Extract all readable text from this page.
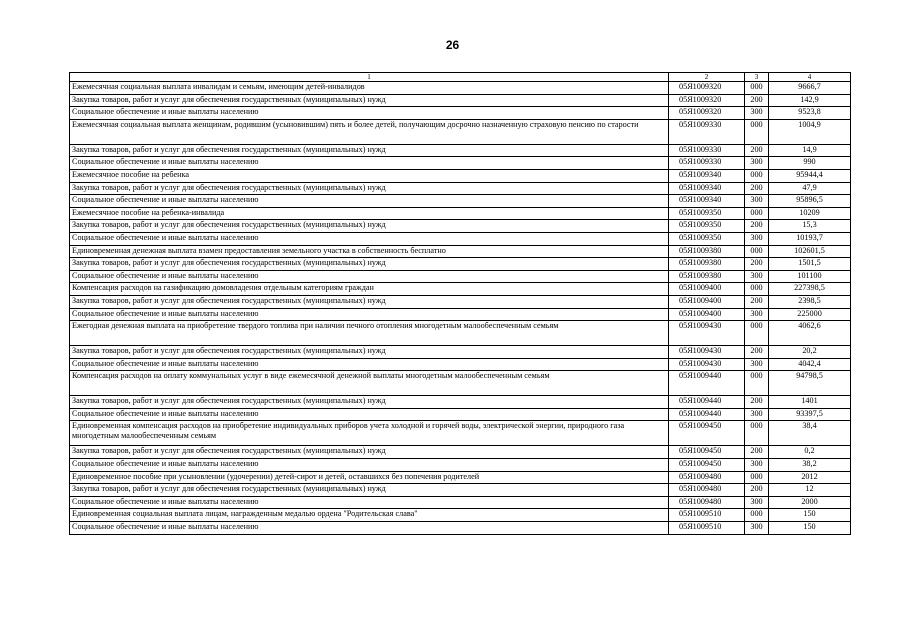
26
1	2	3	4
Ежемесячная социальная выплата инвалидам и семьям, имеющим детей-инвалидов	05Я1009320	000	9666,7
Закупка товаров, работ и услуг для обеспечения государственных (муниципальных) нужд	05Я1009320	200	142,9
Социальное обеспечение и иные выплаты населению	05Я1009320	300	9523,8
Ежемесячная социальная выплата женщинам, родившим (усыновившим) пять и более детей, получающим досрочно назначенную страховую пенсию по старости	05Я1009330	000	1004,9
Закупка товаров, работ и услуг для обеспечения государственных (муниципальных) нужд	05Я1009330	200	14,9
Социальное обеспечение и иные выплаты населению	05Я1009330	300	990
Ежемесячное пособие на ребенка	05Я1009340	000	95944,4
Закупка товаров, работ и услуг для обеспечения государственных (муниципальных) нужд	05Я1009340	200	47,9
Социальное обеспечение и иные выплаты населению	05Я1009340	300	95896,5
Ежемесячное пособие на ребенка-инвалида	05Я1009350	000	10209
Закупка товаров, работ и услуг для обеспечения государственных (муниципальных) нужд	05Я1009350	200	15,3
Социальное обеспечение и иные выплаты населению	05Я1009350	300	10193,7
Единовременная денежная выплата взамен предоставления земельного участка в собственность бесплатно	05Я1009380	000	102601,5
Закупка товаров, работ и услуг для обеспечения государственных (муниципальных) нужд	05Я1009380	200	1501,5
Социальное обеспечение и иные выплаты населению	05Я1009380	300	101100
Компенсация расходов на газификацию домовладения отдельным категориям граждан	05Я1009400	000	227398,5
Закупка товаров, работ и услуг для обеспечения государственных (муниципальных) нужд	05Я1009400	200	2398,5
Социальное обеспечение и иные выплаты населению	05Я1009400	300	225000
Ежегодная денежная выплата на приобретение твердого топлива при наличии печного отопления многодетным малообеспеченным семьям	05Я1009430	000	4062,6
Закупка товаров, работ и услуг для обеспечения государственных (муниципальных) нужд	05Я1009430	200	20,2
Социальное обеспечение и иные выплаты населению	05Я1009430	300	4042,4
Компенсация расходов на оплату коммунальных услуг в виде ежемесячной денежной выплаты многодетным малообеспеченным семьям	05Я1009440	000	94798,5
Закупка товаров, работ и услуг для обеспечения государственных (муниципальных) нужд	05Я1009440	200	1401
Социальное обеспечение и иные выплаты населению	05Я1009440	300	93397,5
Единовременная компенсация расходов на приобретение индивидуальных приборов учета холодной и горячей воды, электрической энергии, природного газа многодетным малообеспеченным семьям	05Я1009450	000	38,4
Закупка товаров, работ и услуг для обеспечения государственных (муниципальных) нужд	05Я1009450	200	0,2
Социальное обеспечение и иные выплаты населению	05Я1009450	300	38,2
Единовременное пособие при усыновлении (удочерении) детей-сирот и детей, оставшихся без попечения родителей	05Я1009480	000	2012
Закупка товаров, работ и услуг для обеспечения государственных (муниципальных) нужд	05Я1009480	200	12
Социальное обеспечение и иные выплаты населению	05Я1009480	300	2000
Единовременная социальная выплата лицам, награжденным медалью ордена "Родительская слава"	05Я1009510	000	150
Социальное обеспечение и иные выплаты населению	05Я1009510	300	150
